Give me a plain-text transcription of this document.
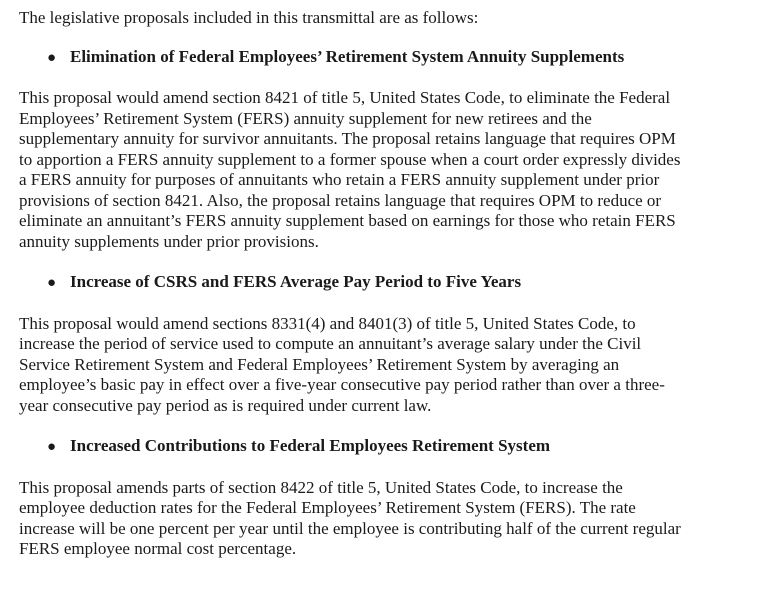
The legislative proposals included in this transmittal are as follows:

● Elimination of Federal Employees’ Retirement System Annuity Supplements

This proposal would amend section 8421 of title 5, United States Code, to eliminate the Federal
Employees’ Retirement System (FERS) annuity supplement for new retirees and the
supplementary annuity for survivor annuitants. The proposal retains language that requires OPM
to apportion a FERS annuity supplement to a former spouse when a court order expressly divides
a FERS annuity for purposes of annuitants who retain a FERS annuity supplement under prior
provisions of section 8421. Also, the proposal retains language that requires OPM to reduce or
eliminate an annuitant’s FERS annuity supplement based on earnings for those who retain FERS
annuity supplements under prior provisions.

● Increase of CSRS and FERS Average Pay Period to Five Years

This proposal would amend sections 8331(4) and 8401(3) of title 5, United States Code, to
increase the period of service used to compute an annuitant’s average salary under the Civil
Service Retirement System and Federal Employees’ Retirement System by averaging an
employee’s basic pay in effect over a five-year consecutive pay period rather than over a three-
year consecutive pay period as is required under current law.

● Increased Contributions to Federal Employees Retirement System

This proposal amends parts of section 8422 of title 5, United States Code, to increase the
employee deduction rates for the Federal Employees’ Retirement System (FERS). The rate
increase will be one percent per year until the employee is contributing half of the current regular
FERS employee normal cost percentage.
